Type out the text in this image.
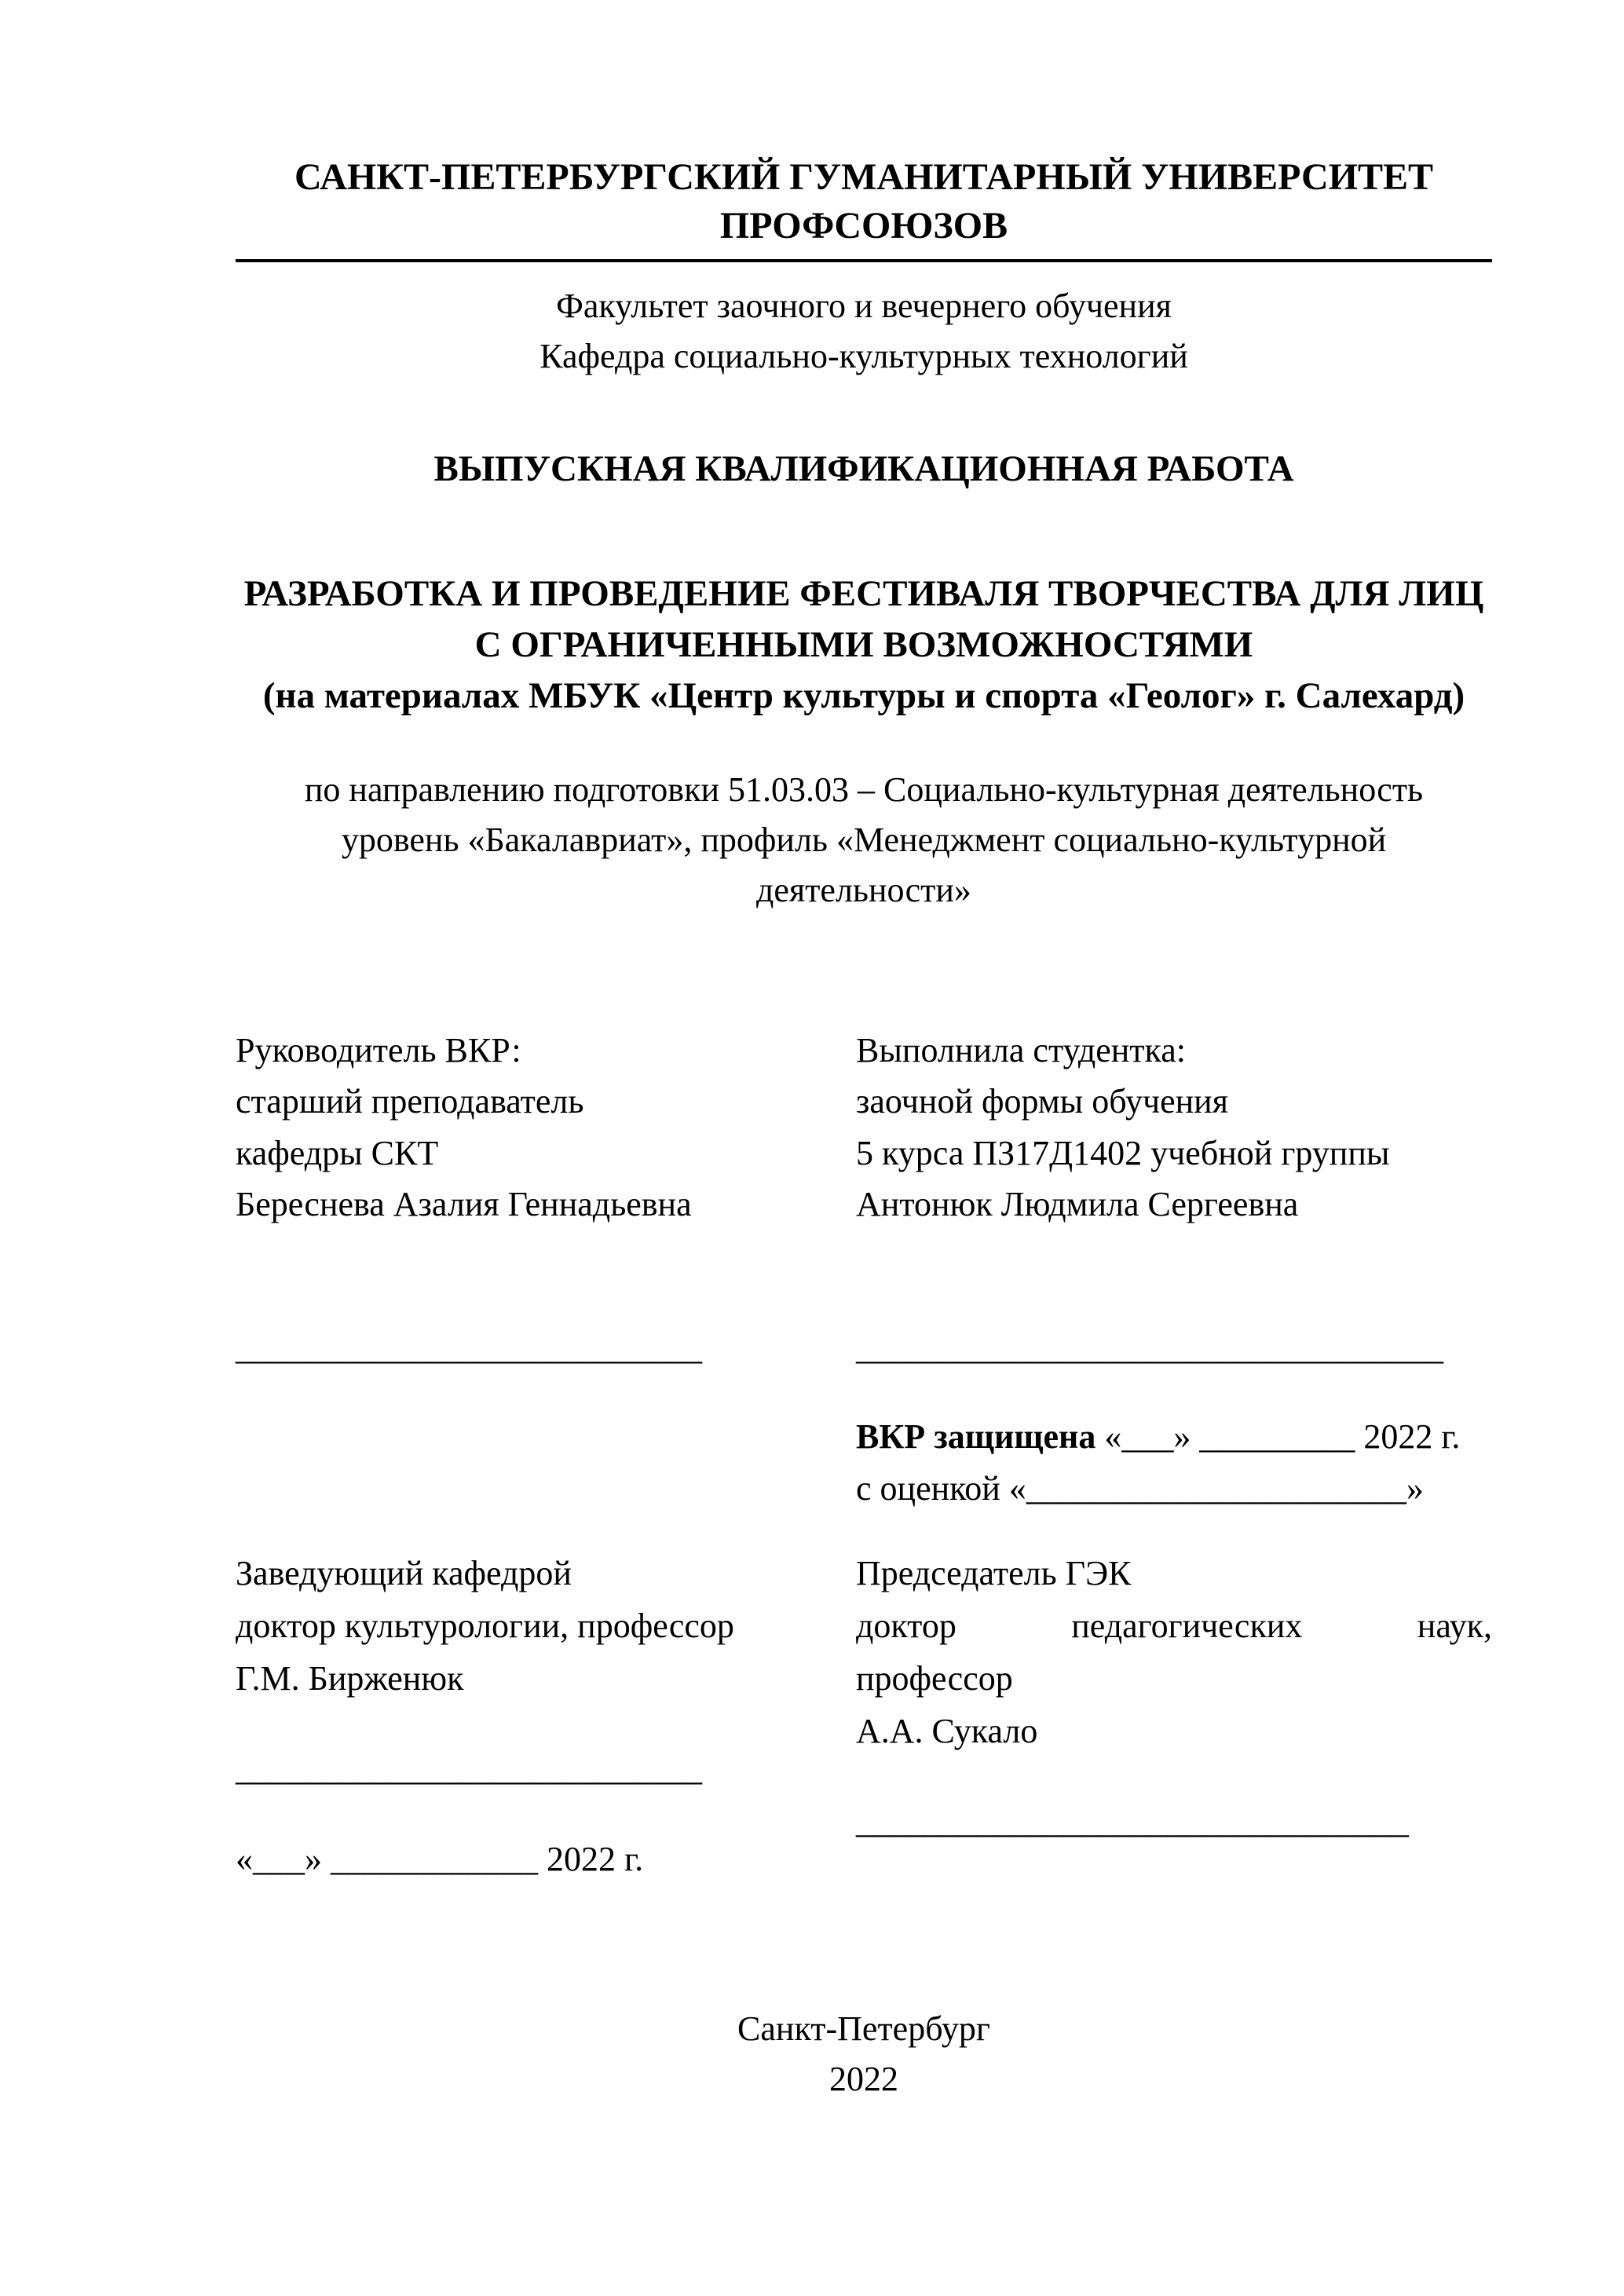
САНКТ-ПЕТЕРБУРГСКИЙ ГУМАНИТАРНЫЙ УНИВЕРСИТЕТ
ПРОФСОЮЗОВ
Факультет заочного и вечернего обучения
Кафедра социально-культурных технологий
ВЫПУСКНАЯ КВАЛИФИКАЦИОННАЯ РАБОТА
РАЗРАБОТКА И ПРОВЕДЕНИЕ ФЕСТИВАЛЯ ТВОРЧЕСТВА ДЛЯ ЛИЦ С ОГРАНИЧЕННЫМИ ВОЗМОЖНОСТЯМИ
(на материалах МБУК «Центр культуры и спорта «Геолог» г. Салехард)
по направлению подготовки 51.03.03 – Социально-культурная деятельность
уровень «Бакалавриат», профиль «Менеджмент социально-культурной деятельности»
Руководитель ВКР:
старший преподаватель
кафедры СКТ
Береснева Азалия Геннадьевна
Выполнила студентка:
заочной формы обучения
5 курса ПЗ17Д1402 учебной группы
Антонюк Людмила Сергеевна
___________________________	__________________________________
ВКР защищена «___» _________ 2022 г.
с оценкой «______________________»
Заведующий кафедрой
доктор культурологии, профессор
Г.М. Бирженюк
___________________________
«___» ____________ 2022 г.
Председатель ГЭК
доктор	педагогических	наук,
профессор
А.А. Сукало
________________________________
Санкт-Петербург
2022
